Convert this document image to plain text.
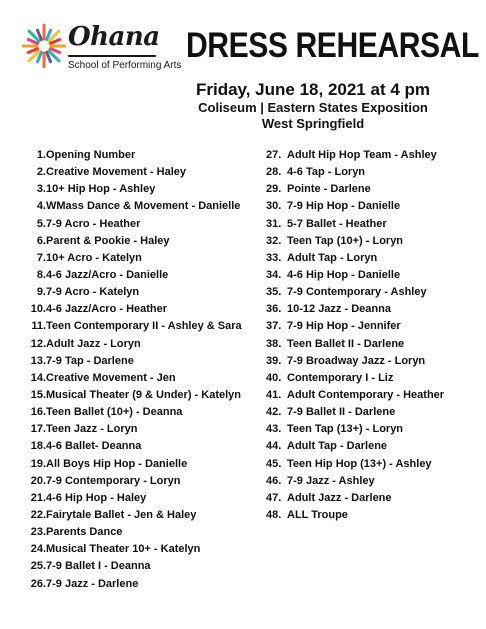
Ohana
School of Performing Arts
DRESS REHEARSAL
Friday, June 18, 2021 at 4 pm
Coliseum | Eastern States Exposition
West Springfield
1. Opening Number
2. Creative Movement - Haley
3. 10+ Hip Hop - Ashley
4. WMass Dance & Movement - Danielle
5. 7-9 Acro - Heather
6. Parent & Pookie - Haley
7. 10+ Acro - Katelyn
8. 4-6 Jazz/Acro - Danielle
9. 7-9 Acro - Katelyn
10. 4-6 Jazz/Acro - Heather
11. Teen Contemporary II - Ashley & Sara
12. Adult Jazz - Loryn
13. 7-9 Tap - Darlene
14. Creative Movement - Jen
15. Musical Theater (9 & Under) - Katelyn
16. Teen Ballet (10+) - Deanna
17. Teen Jazz - Loryn
18. 4-6 Ballet- Deanna
19. All Boys Hip Hop - Danielle
20. 7-9 Contemporary - Loryn
21. 4-6 Hip Hop - Haley
22. Fairytale Ballet - Jen & Haley
23. Parents Dance
24. Musical Theater 10+ - Katelyn
25. 7-9 Ballet I - Deanna
26. 7-9 Jazz - Darlene
27. Adult Hip Hop Team - Ashley
28. 4-6 Tap - Loryn
29. Pointe - Darlene
30. 7-9 Hip Hop - Danielle
31. 5-7 Ballet - Heather
32. Teen Tap (10+) - Loryn
33. Adult Tap - Loryn
34. 4-6 Hip Hop - Danielle
35. 7-9 Contemporary - Ashley
36. 10-12 Jazz - Deanna
37. 7-9 Hip Hop - Jennifer
38. Teen Ballet II - Darlene
39. 7-9 Broadway Jazz - Loryn
40. Contemporary I - Liz
41. Adult Contemporary - Heather
42. 7-9 Ballet II - Darlene
43. Teen Tap (13+) - Loryn
44. Adult Tap - Darlene
45. Teen Hip Hop (13+) - Ashley
46. 7-9 Jazz - Ashley
47. Adult Jazz - Darlene
48. ALL Troupe
